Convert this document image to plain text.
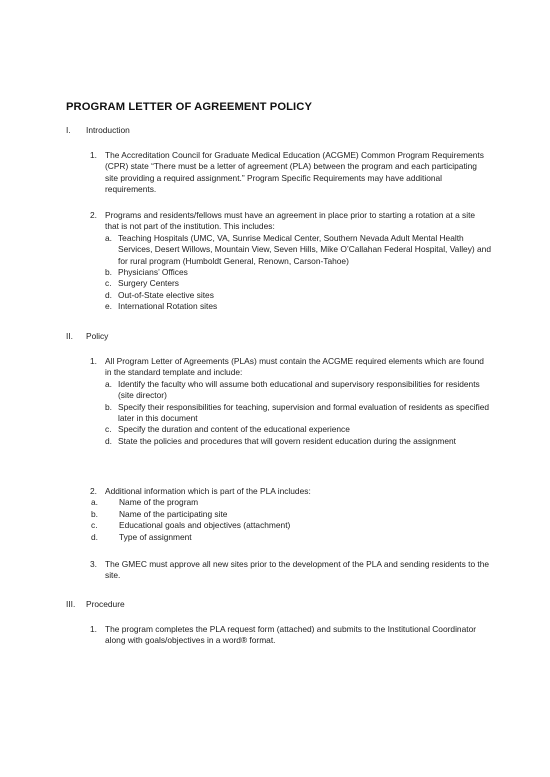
PROGRAM LETTER OF AGREEMENT POLICY
I. Introduction
1. The Accreditation Council for Graduate Medical Education (ACGME) Common Program Requirements (CPR) state “There must be a letter of agreement (PLA) between the program and each participating site providing a required assignment.” Program Specific Requirements may have additional requirements.
2. Programs and residents/fellows must have an agreement in place prior to starting a rotation at a site that is not part of the institution. This includes:
a. Teaching Hospitals (UMC, VA, Sunrise Medical Center, Southern Nevada Adult Mental Health Services, Desert Willows, Mountain View, Seven Hills, Mike O’Callahan Federal Hospital, Valley) and for rural program (Humboldt General, Renown, Carson-Tahoe)
b. Physicians’ Offices
c. Surgery Centers
d. Out-of-State elective sites
e. International Rotation sites
II. Policy
1. All Program Letter of Agreements (PLAs) must contain the ACGME required elements which are found in the standard template and include:
a. Identify the faculty who will assume both educational and supervisory responsibilities for residents (site director)
b. Specify their responsibilities for teaching, supervision and formal evaluation of residents as specified later in this document
c. Specify the duration and content of the educational experience
d. State the policies and procedures that will govern resident education during the assignment
2. Additional information which is part of the PLA includes:
a.	Name of the program
b.	Name of the participating site
c.	Educational goals and objectives (attachment)
d.	Type of assignment
3. The GMEC must approve all new sites prior to the development of the PLA and sending residents to the site.
III. Procedure
1. The program completes the PLA request form (attached) and submits to the Institutional Coordinator along with goals/objectives in a word® format.
